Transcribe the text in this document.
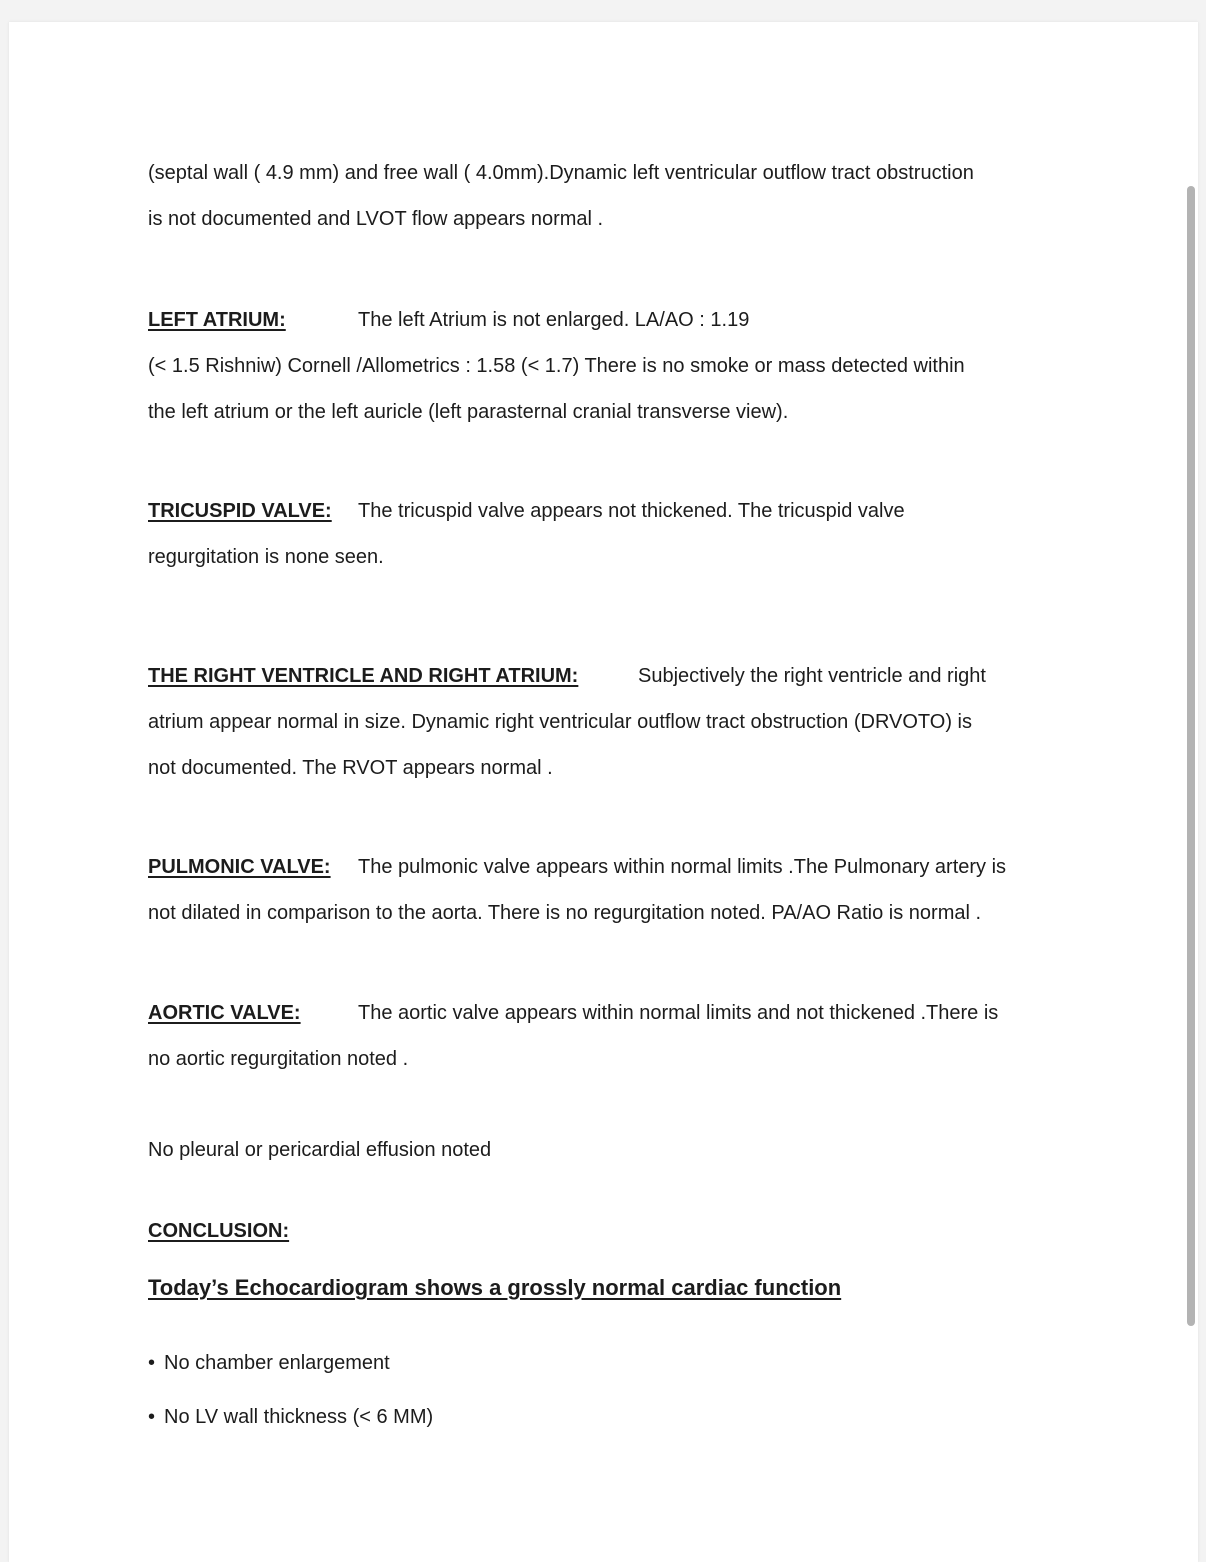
(septal wall ( 4.9 mm) and free wall ( 4.0mm).Dynamic left ventricular outflow tract obstruction
is not documented and LVOT flow appears normal .
LEFT ATRIUM:	The left Atrium is not enlarged. LA/AO : 1.19
(< 1.5 Rishniw) Cornell /Allometrics : 1.58 (< 1.7) There is no smoke or mass detected within
the left atrium or the left auricle (left parasternal cranial transverse view).
TRICUSPID VALVE: The tricuspid valve appears not thickened. The tricuspid valve
regurgitation is none seen.
THE RIGHT VENTRICLE AND RIGHT ATRIUM:	Subjectively the right ventricle and right
atrium appear normal in size. Dynamic right ventricular outflow tract obstruction (DRVOTO) is
not documented. The RVOT appears normal .
PULMONIC VALVE: The pulmonic valve appears within normal limits .The Pulmonary artery is
not dilated in comparison to the aorta. There is no regurgitation noted. PA/AO Ratio is normal .
AORTIC VALVE:	The aortic valve appears within normal limits and not thickened .There is
no aortic regurgitation noted .
No pleural or pericardial effusion noted
CONCLUSION:
Today’s Echocardiogram shows a grossly normal cardiac function
• No chamber enlargement
• No LV wall thickness (< 6 MM)
